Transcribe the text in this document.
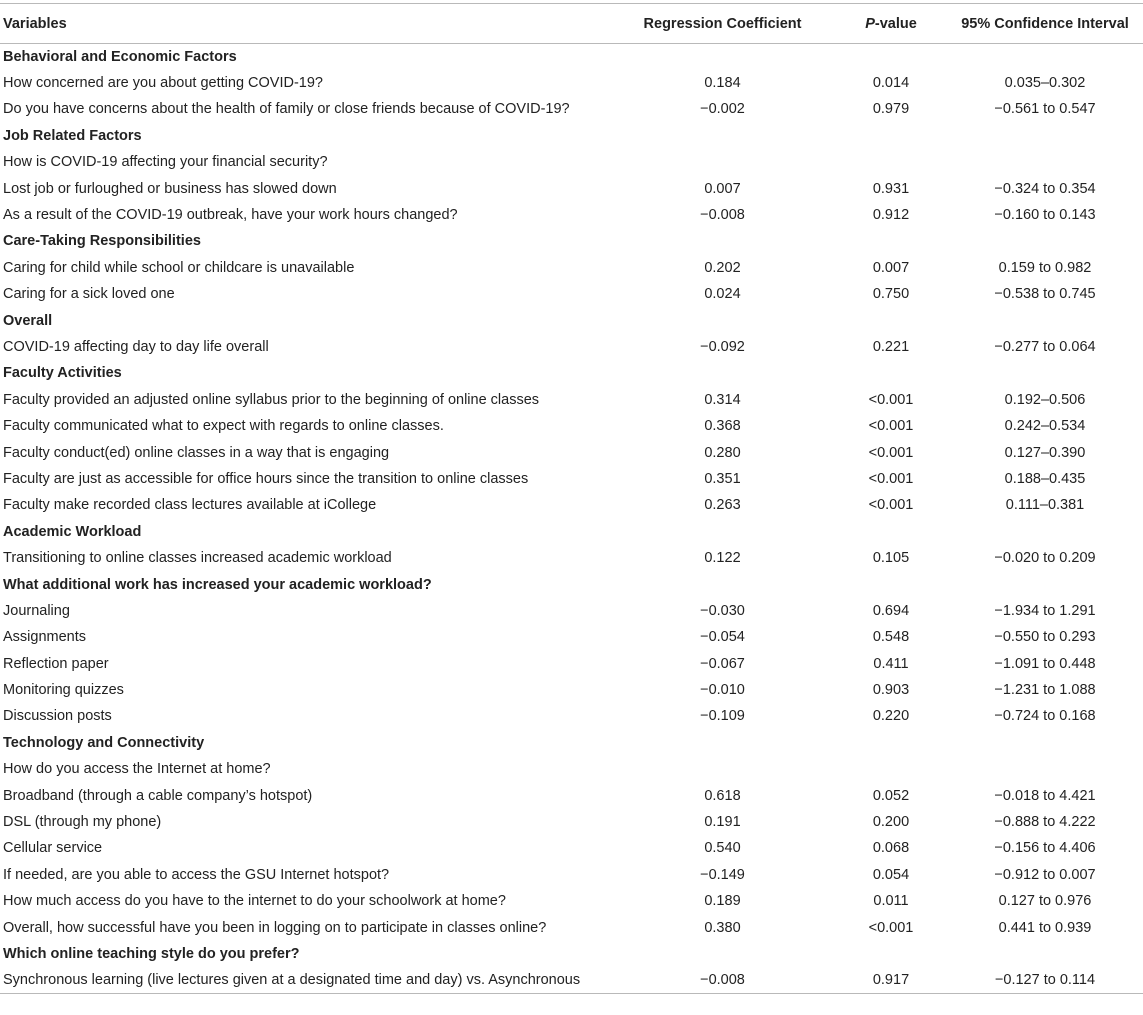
Variables	Regression Coefficient	P-value	95% Confidence Interval
Behavioral and Economic Factors			
How concerned are you about getting COVID-19?	0.184	0.014	0.035–0.302
Do you have concerns about the health of family or close friends because of COVID-19?	−0.002	0.979	−0.561 to 0.547
Job Related Factors			
How is COVID-19 affecting your financial security?			
Lost job or furloughed or business has slowed down	0.007	0.931	−0.324 to 0.354
As a result of the COVID-19 outbreak, have your work hours changed?	−0.008	0.912	−0.160 to 0.143
Care-Taking Responsibilities			
Caring for child while school or childcare is unavailable	0.202	0.007	0.159 to 0.982
Caring for a sick loved one	0.024	0.750	−0.538 to 0.745
Overall			
COVID-19 affecting day to day life overall	−0.092	0.221	−0.277 to 0.064
Faculty Activities			
Faculty provided an adjusted online syllabus prior to the beginning of online classes	0.314	<0.001	0.192–0.506
Faculty communicated what to expect with regards to online classes.	0.368	<0.001	0.242–0.534
Faculty conduct(ed) online classes in a way that is engaging	0.280	<0.001	0.127–0.390
Faculty are just as accessible for office hours since the transition to online classes	0.351	<0.001	0.188–0.435
Faculty make recorded class lectures available at iCollege	0.263	<0.001	0.111–0.381
Academic Workload			
Transitioning to online classes increased academic workload	0.122	0.105	−0.020 to 0.209
What additional work has increased your academic workload?			
Journaling	−0.030	0.694	−1.934 to 1.291
Assignments	−0.054	0.548	−0.550 to 0.293
Reflection paper	−0.067	0.411	−1.091 to 0.448
Monitoring quizzes	−0.010	0.903	−1.231 to 1.088
Discussion posts	−0.109	0.220	−0.724 to 0.168
Technology and Connectivity			
How do you access the Internet at home?			
Broadband (through a cable company’s hotspot)	0.618	0.052	−0.018 to 4.421
DSL (through my phone)	0.191	0.200	−0.888 to 4.222
Cellular service	0.540	0.068	−0.156 to 4.406
If needed, are you able to access the GSU Internet hotspot?	−0.149	0.054	−0.912 to 0.007
How much access do you have to the internet to do your schoolwork at home?	0.189	0.011	0.127 to 0.976
Overall, how successful have you been in logging on to participate in classes online?	0.380	<0.001	0.441 to 0.939
Which online teaching style do you prefer?			
Synchronous learning (live lectures given at a designated time and day) vs. Asynchronous	−0.008	0.917	−0.127 to 0.114
